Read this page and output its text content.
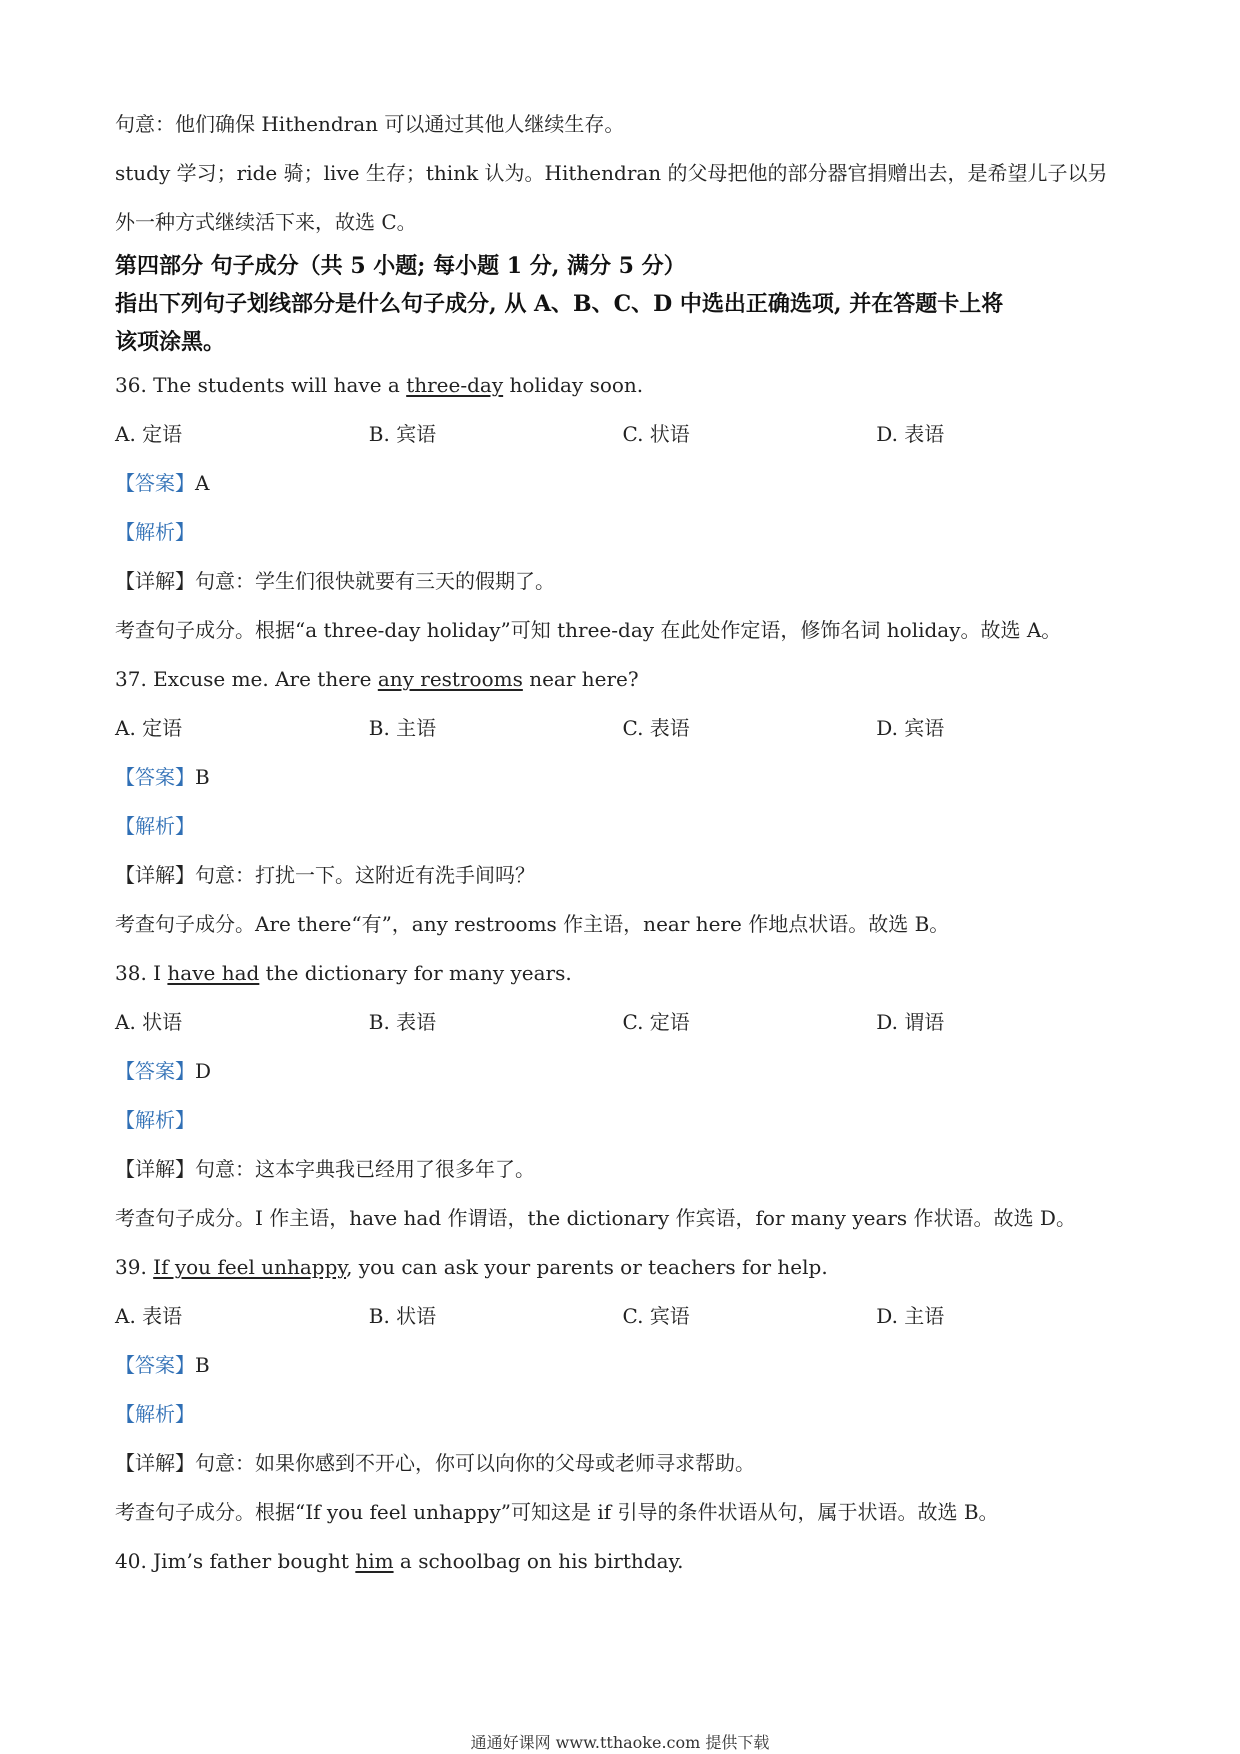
句意：他们确保 Hithendran 可以通过其他人继续生存。
study 学习；ride 骑；live 生存；think 认为。Hithendran 的父母把他的部分器官捐赠出去，是希望儿子以另
外一种方式继续活下来，故选 C。
第四部分 句子成分（共 5 小题; 每小题 1 分, 满分 5 分）
指出下列句子划线部分是什么句子成分, 从 A、B、C、D 中选出正确选项, 并在答题卡上将
该项涂黑。
36. The students will have a three-day holiday soon.
A. 定语	B. 宾语	C. 状语	D. 表语
【答案】A
【解析】
【详解】句意：学生们很快就要有三天的假期了。
考查句子成分。根据“a three-day holiday”可知 three-day 在此处作定语，修饰名词 holiday。故选 A。
37. Excuse me. Are there any restrooms near here?
A. 定语	B. 主语	C. 表语	D. 宾语
【答案】B
【解析】
【详解】句意：打扰一下。这附近有洗手间吗？
考查句子成分。Are there“有”，any restrooms 作主语，near here 作地点状语。故选 B。
38. I have had the dictionary for many years.
A. 状语	B. 表语	C. 定语	D. 谓语
【答案】D
【解析】
【详解】句意：这本字典我已经用了很多年了。
考查句子成分。I 作主语，have had 作谓语，the dictionary 作宾语，for many years 作状语。故选 D。
39. If you feel unhappy, you can ask your parents or teachers for help.
A. 表语	B. 状语	C. 宾语	D. 主语
【答案】B
【解析】
【详解】句意：如果你感到不开心，你可以向你的父母或老师寻求帮助。
考查句子成分。根据“If you feel unhappy”可知这是 if 引导的条件状语从句，属于状语。故选 B。
40. Jim’s father bought him a schoolbag on his birthday.
通通好课网 www.tthaoke.com 提供下载
